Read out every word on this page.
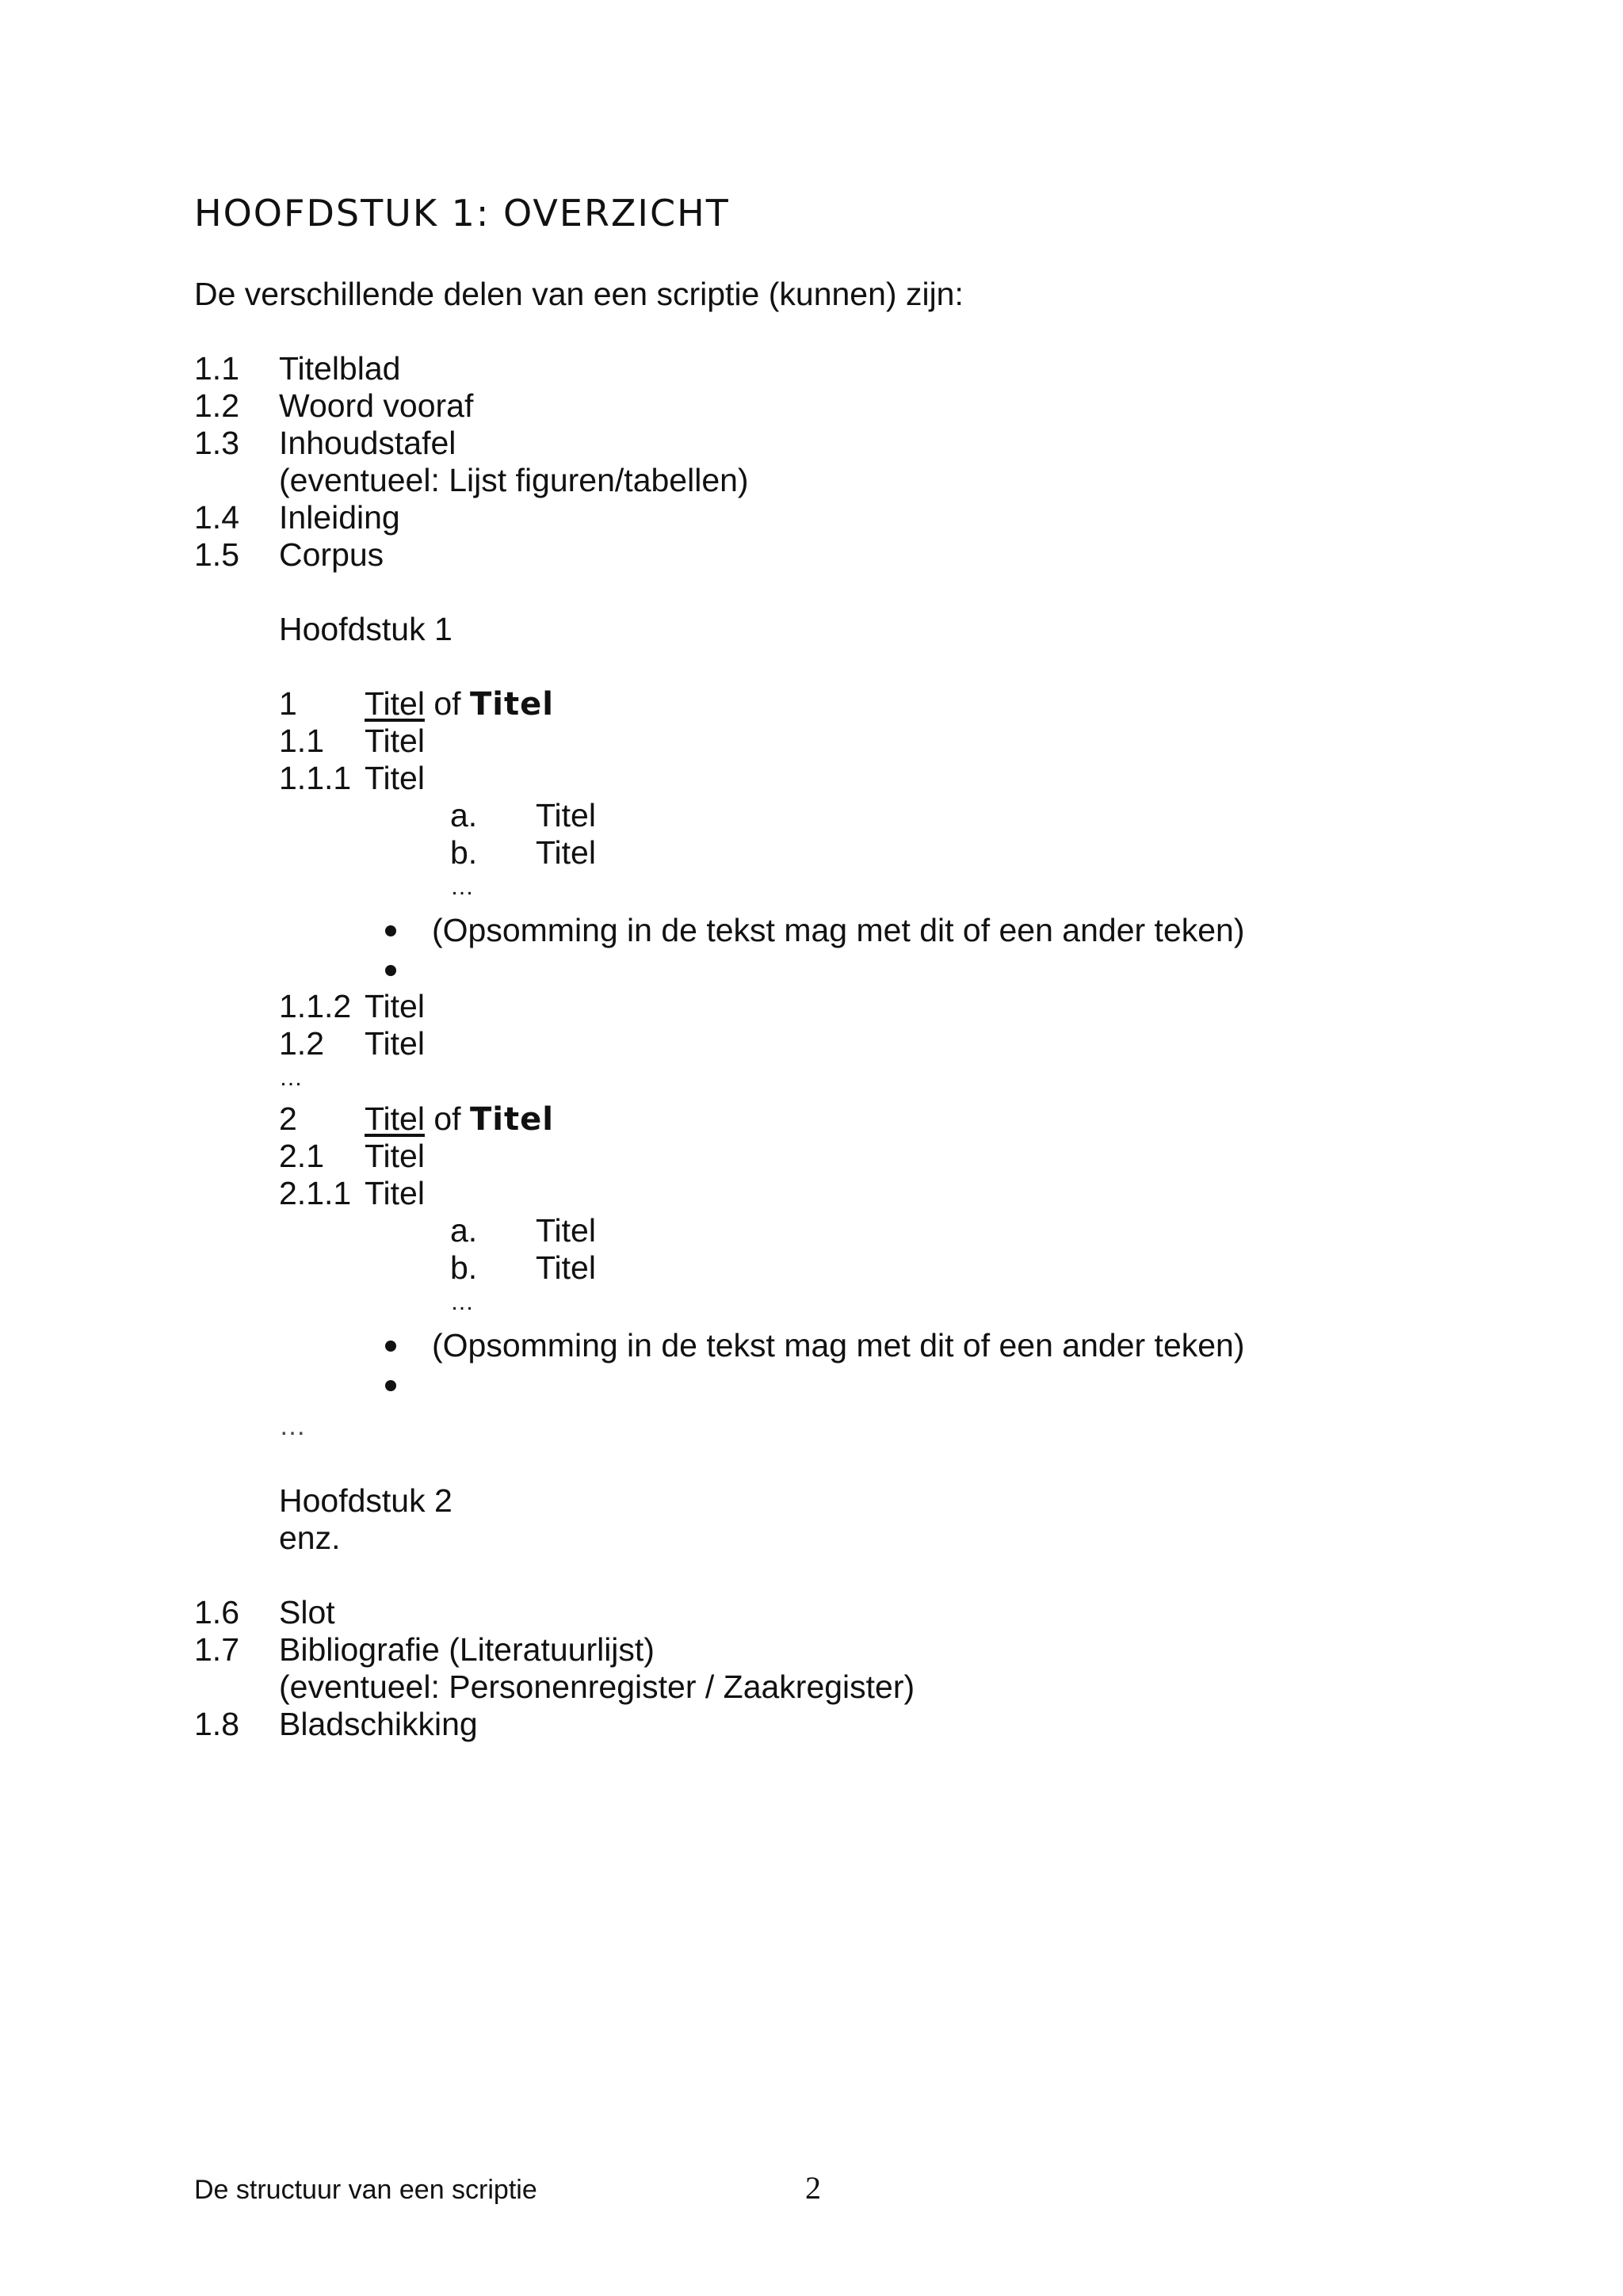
HOOFDSTUK 1: OVERZICHT
De verschillende delen van een scriptie (kunnen) zijn:
1.1 Titelblad
1.2 Woord vooraf
1.3 Inhoudstafel
(eventueel: Lijst figuren/tabellen)
1.4 Inleiding
1.5 Corpus
Hoofdstuk 1
1 Titel of Titel
1.1 Titel
1.1.1 Titel
a. Titel
b. Titel
…
(Opsomming in de tekst mag met dit of een ander teken)
1.1.2 Titel
1.2 Titel
…
2 Titel of Titel
2.1 Titel
2.1.1 Titel
a. Titel
b. Titel
…
(Opsomming in de tekst mag met dit of een ander teken)
…
Hoofdstuk 2
enz.
1.6 Slot
1.7 Bibliografie (Literatuurlijst)
(eventueel: Personenregister / Zaakregister)
1.8 Bladschikking
De structuur van een scriptie	2
